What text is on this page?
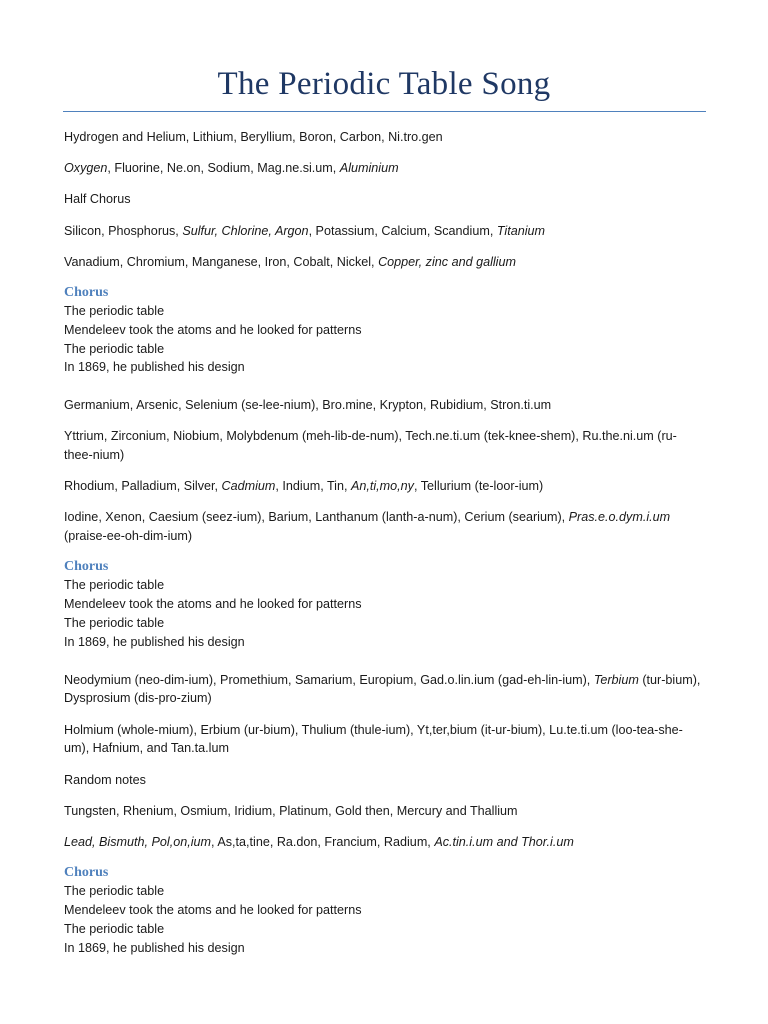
The Periodic Table Song

Hydrogen and Helium, Lithium, Beryllium, Boron, Carbon, Ni.tro.gen

Oxygen, Fluorine, Ne.on, Sodium, Mag.ne.si.um, Aluminium

Half Chorus

Silicon, Phosphorus, Sulfur, Chlorine, Argon, Potassium, Calcium, Scandium, Titanium

Vanadium, Chromium, Manganese, Iron, Cobalt, Nickel, Copper, zinc and gallium

Chorus
The periodic table
Mendeleev took the atoms and he looked for patterns
The periodic table
In 1869, he published his design

Germanium, Arsenic, Selenium (se-lee-nium), Bro.mine, Krypton, Rubidium, Stron.ti.um

Yttrium, Zirconium, Niobium, Molybdenum (meh-lib-de-num), Tech.ne.ti.um (tek-knee-shem), Ru.the.ni.um (ru-thee-nium)

Rhodium, Palladium, Silver, Cadmium, Indium, Tin, An,ti,mo,ny, Tellurium (te-loor-ium)

Iodine, Xenon, Caesium (seez-ium), Barium, Lanthanum (lanth-a-num), Cerium (searium), Pras.e.o.dym.i.um (praise-ee-oh-dim-ium)

Chorus
The periodic table
Mendeleev took the atoms and he looked for patterns
The periodic table
In 1869, he published his design

Neodymium (neo-dim-ium), Promethium, Samarium, Europium, Gad.o.lin.ium (gad-eh-lin-ium), Terbium (tur-bium), Dysprosium (dis-pro-zium)

Holmium (whole-mium), Erbium (ur-bium), Thulium (thule-ium), Yt,ter,bium (it-ur-bium), Lu.te.ti.um (loo-tea-she-um), Hafnium, and Tan.ta.lum

Random notes

Tungsten, Rhenium, Osmium, Iridium, Platinum, Gold then, Mercury and Thallium

Lead, Bismuth, Pol,on,ium, As,ta,tine, Ra.don, Francium, Radium, Ac.tin.i.um and Thor.i.um

Chorus
The periodic table
Mendeleev took the atoms and he looked for patterns
The periodic table
In 1869, he published his design
